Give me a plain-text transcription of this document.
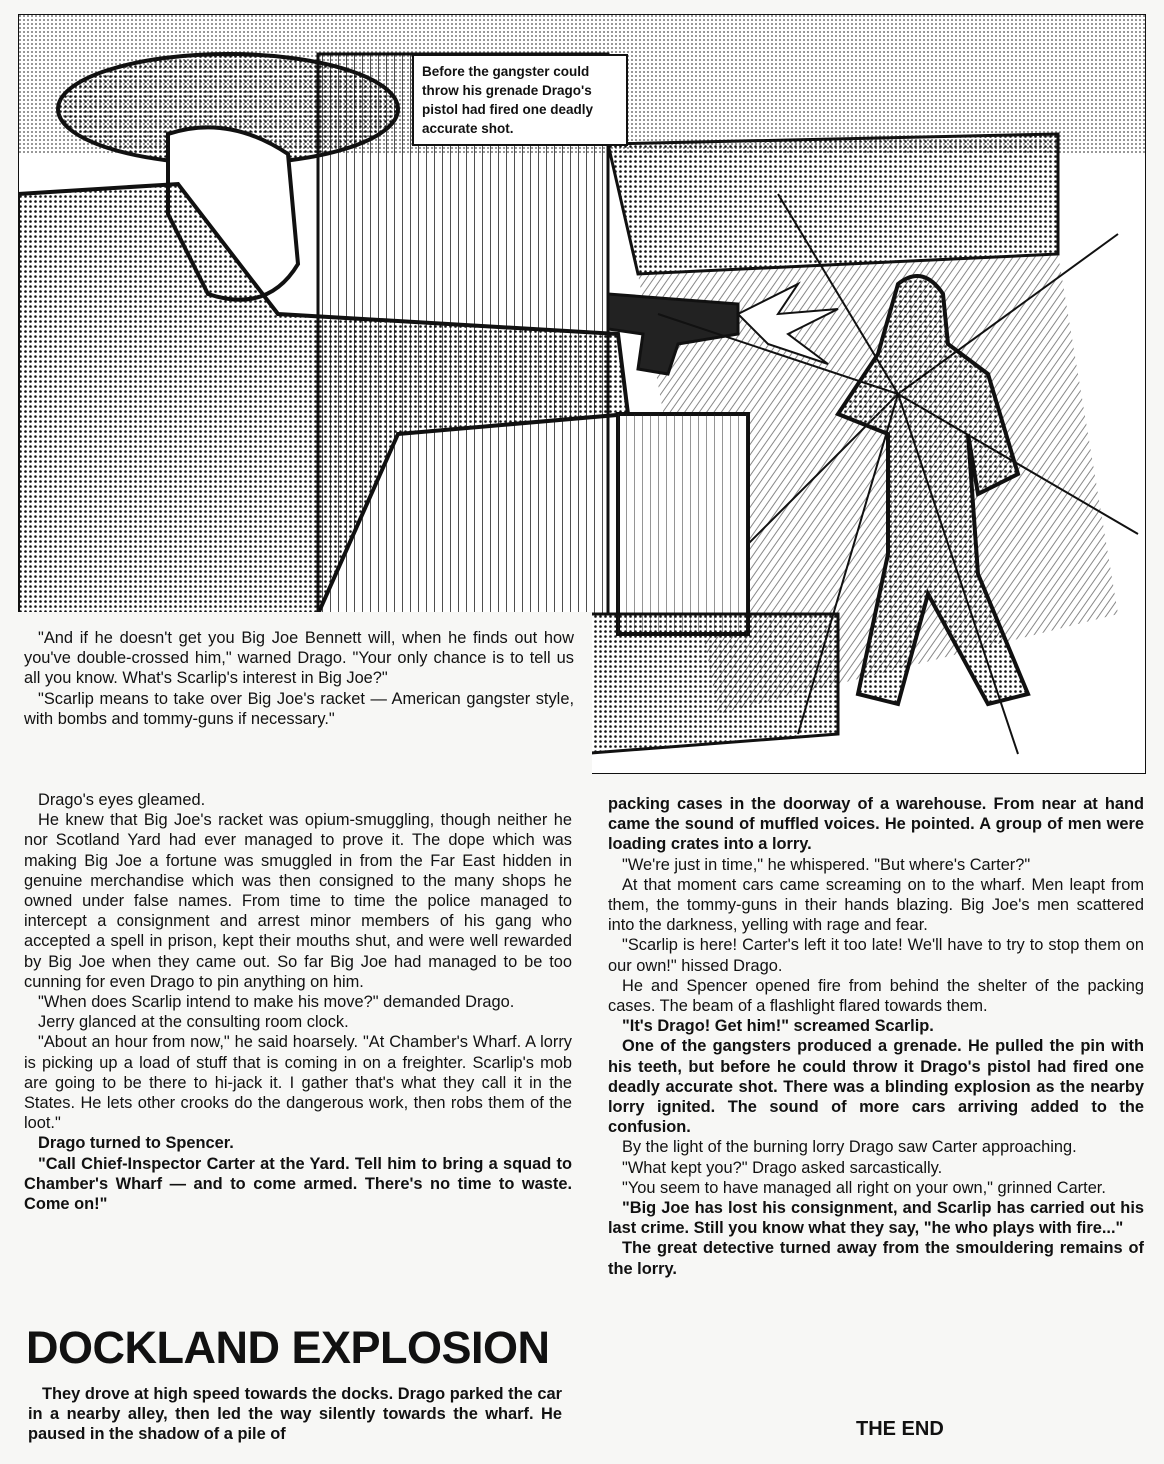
Before the gangster could throw his grenade Drago's pistol had fired one deadly accurate shot.

"And if he doesn't get you Big Joe Bennett will, when he finds out how you've double-crossed him," warned Drago. "Your only chance is to tell us all you know. What's Scarlip's interest in Big Joe?"

"Scarlip means to take over Big Joe's racket — American gangster style, with bombs and tommy-guns if necessary."

Drago's eyes gleamed.

He knew that Big Joe's racket was opium-smuggling, though neither he nor Scotland Yard had ever managed to prove it. The dope which was making Big Joe a fortune was smuggled in from the Far East hidden in genuine merchandise which was then consigned to the many shops he owned under false names. From time to time the police managed to intercept a consignment and arrest minor members of his gang who accepted a spell in prison, kept their mouths shut, and were well rewarded by Big Joe when they came out. So far Big Joe had managed to be too cunning for even Drago to pin anything on him.

"When does Scarlip intend to make his move?" demanded Drago.

Jerry glanced at the consulting room clock.

"About an hour from now," he said hoarsely. "At Chamber's Wharf. A lorry is picking up a load of stuff that is coming in on a freighter. Scarlip's mob are going to be there to hi-jack it. I gather that's what they call it in the States. He lets other crooks do the dangerous work, then robs them of the loot."

Drago turned to Spencer.

"Call Chief-Inspector Carter at the Yard. Tell him to bring a squad to Chamber's Wharf — and to come armed. There's no time to waste. Come on!"

DOCKLAND EXPLOSION

They drove at high speed towards the docks. Drago parked the car in a nearby alley, then led the way silently towards the wharf. He paused in the shadow of a pile of

packing cases in the doorway of a warehouse. From near at hand came the sound of muffled voices. He pointed. A group of men were loading crates into a lorry.

"We're just in time," he whispered. "But where's Carter?"

At that moment cars came screaming on to the wharf. Men leapt from them, the tommy-guns in their hands blazing. Big Joe's men scattered into the darkness, yelling with rage and fear.

"Scarlip is here! Carter's left it too late! We'll have to try to stop them on our own!" hissed Drago.

He and Spencer opened fire from behind the shelter of the packing cases. The beam of a flashlight flared towards them.

"It's Drago! Get him!" screamed Scarlip.

One of the gangsters produced a grenade. He pulled the pin with his teeth, but before he could throw it Drago's pistol had fired one deadly accurate shot. There was a blinding explosion as the nearby lorry ignited. The sound of more cars arriving added to the confusion.

By the light of the burning lorry Drago saw Carter approaching.

"What kept you?" Drago asked sarcastically.

"You seem to have managed all right on your own," grinned Carter.

"Big Joe has lost his consignment, and Scarlip has carried out his last crime. Still you know what they say, "he who plays with fire..."

The great detective turned away from the smouldering remains of the lorry.

THE END
